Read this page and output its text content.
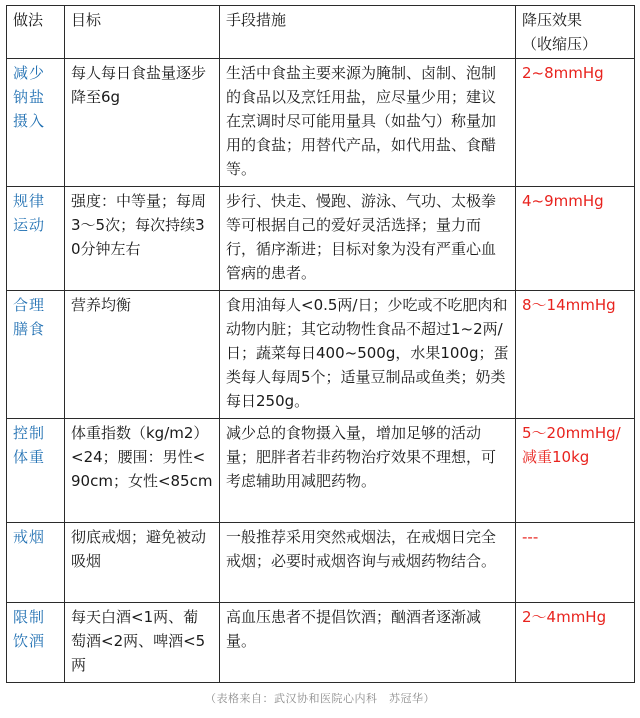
做法	目标	手段措施	降压效果
（收缩压）

减少钠盐摄入	每人每日食盐量逐步降至6g	生活中食盐主要来源为腌制、卤制、泡制的食品以及烹饪用盐，应尽量少用；建议在烹调时尽可能用量具（如盐勺）称量加用的食盐；用替代产品，如代用盐、食醋等。	2~8mmHg
规律运动	强度：中等量；每周3～5次；每次持续30分钟左右	步行、快走、慢跑、游泳、气功、太极拳等可根据自己的爱好灵活选择；量力而行，循序渐进；目标对象为没有严重心血管病的患者。	4~9mmHg
合理膳食	营养均衡	食用油每人<0.5两/日；少吃或不吃肥肉和动物内脏；其它动物性食品不超过1~2两/日；蔬菜每日400~500g，水果100g；蛋类每人每周5个；适量豆制品或鱼类；奶类每日250g。	8～14mmHg
控制体重	体重指数（kg/m2）<24；腰围：男性<90cm；女性<85cm	减少总的食物摄入量，增加足够的活动量；肥胖者若非药物治疗效果不理想，可考虑辅助用减肥药物。	5～20mmHg/减重10kg
戒烟	彻底戒烟；避免被动吸烟	一般推荐采用突然戒烟法，在戒烟日完全戒烟；必要时戒烟咨询与戒烟药物结合。	---
限制饮酒	每天白酒<1两、葡萄酒<2两、啤酒<5两	高血压患者不提倡饮酒；酗酒者逐渐减量。	2～4mmHg
（表格来自：武汉协和医院心内科　苏冠华）
